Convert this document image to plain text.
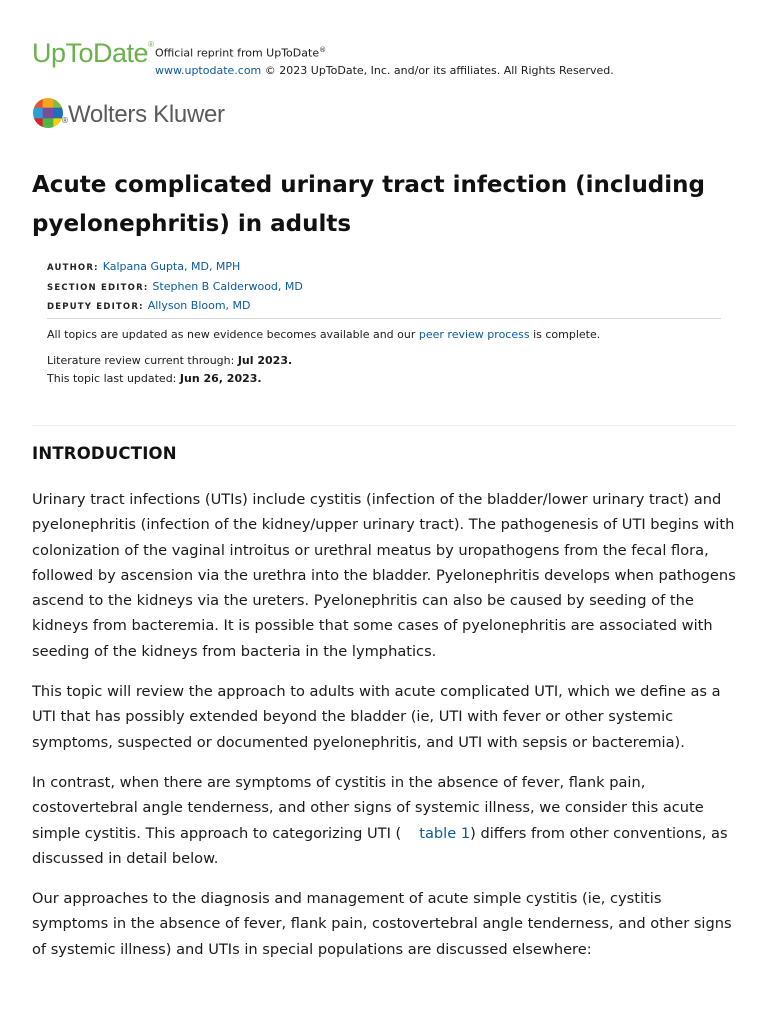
UpToDate®
Official reprint from UpToDate®
www.uptodate.com © 2023 UpToDate, Inc. and/or its affiliates. All Rights Reserved.
® Wolters Kluwer
Acute complicated urinary tract infection (including pyelonephritis) in adults
AUTHOR: Kalpana Gupta, MD, MPH
SECTION EDITOR: Stephen B Calderwood, MD
DEPUTY EDITOR: Allyson Bloom, MD
All topics are updated as new evidence becomes available and our peer review process is complete.
Literature review current through: Jul 2023.
This topic last updated: Jun 26, 2023.
INTRODUCTION

Urinary tract infections (UTIs) include cystitis (infection of the bladder/lower urinary tract) and pyelonephritis (infection of the kidney/upper urinary tract). The pathogenesis of UTI begins with colonization of the vaginal introitus or urethral meatus by uropathogens from the fecal flora, followed by ascension via the urethra into the bladder. Pyelonephritis develops when pathogens ascend to the kidneys via the ureters. Pyelonephritis can also be caused by seeding of the kidneys from bacteremia. It is possible that some cases of pyelonephritis are associated with seeding of the kidneys from bacteria in the lymphatics.

This topic will review the approach to adults with acute complicated UTI, which we define as a UTI that has possibly extended beyond the bladder (ie, UTI with fever or other systemic symptoms, suspected or documented pyelonephritis, and UTI with sepsis or bacteremia).

In contrast, when there are symptoms of cystitis in the absence of fever, flank pain, costovertebral angle tenderness, and other signs of systemic illness, we consider this acute simple cystitis. This approach to categorizing UTI ( table 1) differs from other conventions, as discussed in detail below.

Our approaches to the diagnosis and management of acute simple cystitis (ie, cystitis symptoms in the absence of fever, flank pain, costovertebral angle tenderness, and other signs of systemic illness) and UTIs in special populations are discussed elsewhere:
